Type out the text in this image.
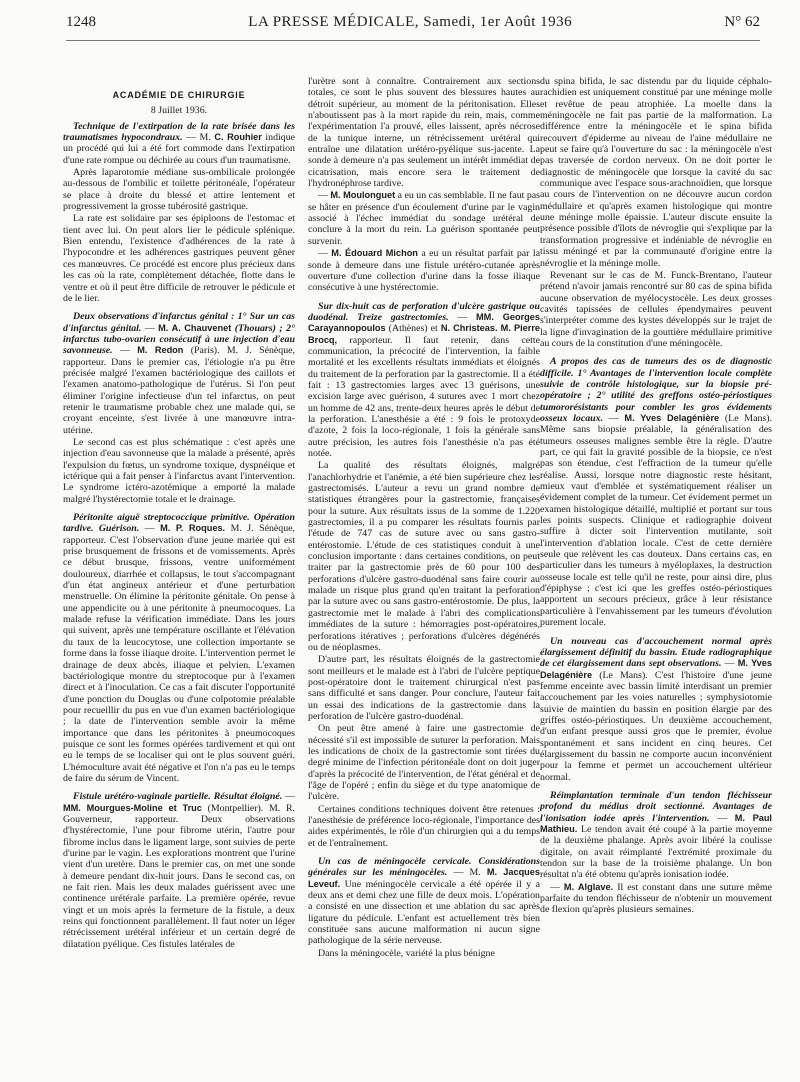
1248	LA PRESSE MÉDICALE, Samedi, 1er Août 1936	N° 62
ACADÉMIE DE CHIRURGIE
8 Juillet 1936.

Technique de l'extirpation de la rate brisée dans les traumatismes hypocondraux. — M. C. Rouhier indique un procédé qui lui a été fort commode dans l'extirpation d'une rate rompue ou déchirée au cours d'un traumatisme.

Après laparotomie médiane sus-ombilicale prolongée au-dessous de l'ombilic et toilette péritonéale, l'opérateur se place à droite du blessé et attire lentement et progressivement la grosse tubérosité gastrique.

La rate est solidaire par ses épiploons de l'estomac et tient avec lui. On peut alors lier le pédicule splénique. Bien entendu, l'existence d'adhérences de la rate à l'hypocondre et les adhérences gastriques peuvent gêner ces manœuvres. Ce procédé est encore plus précieux dans les cas où la rate, complètement détachée, flotte dans le ventre et où il peut être difficile de retrouver le pédicule et de le lier.

Deux observations d'infarctus génital : 1° Sur un cas d'infarctus génital. — M. A. Chauvenet (Thouars) ; 2° infarctus tubo-ovarien consécutif à une injection d'eau savonneuse. — M. Redon (Paris). M. J. Sénèque, rapporteur. Dans le premier cas, l'étiologie n'a pu être précisée malgré l'examen bactériologique des caillots et l'examen anatomo-pathologique de l'utérus. Si l'on peut éliminer l'origine infectieuse d'un tel infarctus, on peut retenir le traumatisme probable chez une malade qui, se croyant enceinte, s'est livrée à une manœuvre intra-utérine.

Le second cas est plus schématique : c'est après une injection d'eau savonneuse que la malade a présenté, après l'expulsion du fœtus, un syndrome toxique, dyspnéique et ictérique qui a fait penser à l'infarctus avant l'intervention. Le syndrome ictéro-azotémique a emporté la malade malgré l'hystérectomie totale et le drainage.

Péritonite aiguë streptococcique primitive. Opération tardive. Guérison. — M. P. Roques. M. J. Sénèque, rapporteur. C'est l'observation d'une jeune mariée qui est prise brusquement de frissons et de vomissements. Après ce début brusque, frissons, ventre uniformément douloureux, diarrhée et collapsus, le tout s'accompagnant d'un état angineux antérieur et d'une perturbation menstruelle. On élimine la péritonite génitale. On pense à une appendicite ou à une péritonite à pneumocoques. La malade refuse la vérification immédiate. Dans les jours qui suivent, après une température oscillante et l'élévation du taux de la leucocytose, une collection importante se forme dans la fosse iliaque droite. L'intervention permet le drainage de deux abcès, iliaque et pelvien. L'examen bactériologique montre du streptocoque pur à l'examen direct et à l'inoculation. Ce cas a fait discuter l'opportunité d'une ponction du Douglas ou d'une colpotomie préalable pour recueillir du pus en vue d'un examen bactériologique ; la date de l'intervention semble avoir la même importance que dans les péritonites à pneumocoques puisque ce sont les formes opérées tardivement et qui ont eu le temps de se localiser qui ont le plus souvent guéri. L'hémoculture avait été négative et l'on n'a pas eu le temps de faire du sérum de Vincent.

Fistule urétéro-vaginale partielle. Résultat éloigné. — MM. Mourgues-Moline et Truc (Montpellier). M. R. Gouverneur, rapporteur. Deux observations d'hystérectomie, l'une pour fibrome utérin, l'autre pour fibrome inclus dans le ligament large, sont suivies de perte d'urine par le vagin. Les explorations montrent que l'urine vient d'un uretère. Dans le premier cas, on met une sonde à demeure pendant dix-huit jours. Dans le second cas, on ne fait rien. Mais les deux malades guérissent avec une continence urétérale parfaite. La première opérée, revue vingt et un mois après la fermeture de la fistule, a deux reins qui fonctionnent parallèlement. Il faut noter un léger rétrécissement urétéral inférieur et un certain degré de dilatation pyélique. Ces fistules latérales de

l'urètre sont à connaître. Contrairement aux sections totales, ce sont le plus souvent des blessures hautes au détroit supérieur, au moment de la péritonisation. Elles n'aboutissent pas à la mort rapide du rein, mais, comme l'expérimentation l'a prouvé, elles laissent, après nécrose de la tunique interne, un rétrécissement urétéral qui entraîne une dilatation urétéro-pyélique sus-jacente. La sonde à demeure n'a pas seulement un intérêt immédiat de cicatrisation, mais encore sera le traitement de l'hydronéphrose tardive.

— M. Moulonguet a eu un cas semblable. Il ne faut pas se hâter en présence d'un écoulement d'urine par le vagin associé à l'échec immédiat du sondage urétéral de conclure à la mort du rein. La guérison spontanée peut survenir.

— M. Édouard Michon a eu un résultat parfait par la sonde à demeure dans une fistule urétéro-cutanée après ouverture d'une collection d'urine dans la fosse iliaque consécutive à une hystérectomie.

Sur dix-huit cas de perforation d'ulcère gastrique ou duodénal. Treize gastrectomies. — MM. Georges Carayannopoulos (Athènes) et N. Christeas. M. Pierre Brocq, rapporteur. Il faut retenir, dans cette communication, la précocité de l'intervention, la faible mortalité et les excellents résultats immédiats et éloignés du traitement de la perforation par la gastrectomie. Il a été fait : 13 gastrectomies larges avec 13 guérisons, une excision large avec guérison, 4 sutures avec 1 mort chez un homme de 42 ans, trente-deux heures après le début de la perforation. L'anesthésie a été : 9 fois le protoxyde d'azote, 2 fois la loco-régionale, 1 fois la générale sans autre précision, les autres fois l'anesthésie n'a pas été notée.

La qualité des résultats éloignés, malgré l'anachlorhydrie et l'anémie, a été bien supérieure chez les gastrectomisés. L'auteur a revu un grand nombre de statistiques étrangères pour la gastrectomie, françaises pour la suture. Aux résultats issus de la somme de 1.220 gastrectomies, il a pu comparer les résultats fournis par l'étude de 747 cas de suture avec ou sans gastro-entérostomie. L'étude de ces statistiques conduit à une conclusion importante : dans certaines conditions, on peut traiter par la gastrectomie près de 60 pour 100 des perforations d'ulcère gastro-duodénal sans faire courir au malade un risque plus grand qu'en traitant la perforation par la suture avec ou sans gastro-entérostomie. De plus, la gastrectomie met le malade à l'abri des complications immédiates de la suture : hémorragies post-opératoires, perforations itératives ; perforations d'ulcères dégénérés ou de néoplasmes.

D'autre part, les résultats éloignés de la gastrectomie sont meilleurs et le malade est à l'abri de l'ulcère peptique post-opératoire dont le traitement chirurgical n'est pas sans difficulté et sans danger. Pour conclure, l'auteur fait un essai des indications de la gastrectomie dans la perforation de l'ulcère gastro-duodénal.

On peut être amené à faire une gastrectomie de nécessité s'il est impossible de suturer la perforation. Mais les indications de choix de la gastrectomie sont tirées du degré minime de l'infection péritonéale dont on doit juger d'après la précocité de l'intervention, de l'état général et de l'âge de l'opéré ; enfin du siège et du type anatomique de l'ulcère.

Certaines conditions techniques doivent être retenues : l'anesthésie de préférence loco-régionale, l'importance des aides expérimentés, le rôle d'un chirurgien qui a du temps et de l'entraînement.

Un cas de méningocèle cervicale. Considérations générales sur les méningocèles. — M. M. Jacques Leveuf. Une méningocèle cervicale a été opérée il y a deux ans et demi chez une fille de deux mois. L'opération a consisté en une dissection et une ablation du sac après ligature du pédicule. L'enfant est actuellement très bien constituée sans aucune malformation ni aucun signe pathologique de la série nerveuse.

Dans la méningocèle, variété la plus bénigne

du spina bifida, le sac distendu par du liquide céphalo-rachidien est uniquement constitué par une méninge molle et revêtue de peau atrophiée. La moelle dans la méningocèle ne fait pas partie de la malformation. La différence entre la méningocèle et le spina bifida recouvert d'épiderme au niveau de l'aine médullaire ne peut se faire qu'à l'ouverture du sac : la méningocèle n'est pas traversée de cordon nerveux. On ne doit porter le diagnostic de méningocèle que lorsque la cavité du sac communique avec l'espace sous-arachnoïdien, que lorsque au cours de l'intervention on ne découvre aucun cordon médullaire et qu'après examen histologique qui montre une méninge molle épaissie. L'auteur discute ensuite la présence possible d'îlots de névroglie qui s'explique par la transformation progressive et indéniable de névroglie en tissu méningé et par la communauté d'origine entre la névroglie et la méninge molle.

Revenant sur le cas de M. Funck-Brentano, l'auteur prétend n'avoir jamais rencontré sur 80 cas de spina bifida aucune observation de myélocystocèle. Les deux grosses cavités tapissées de cellules épendymaires peuvent s'interpréter comme des kystes développés sur le trajet de la ligne d'invagination de la gouttière médullaire primitive au cours de la constitution d'une méningocèle.

A propos des cas de tumeurs des os de diagnostic difficile. 1° Avantages de l'intervention locale complète suivie de contrôle histologique, sur la biopsie pré-opératoire ; 2° utilité des greffons ostéo-périostiques tumororésistants pour combler les gros évidements osseux locaux. — M. Yves Delagénière (Le Mans). Même sans biopsie préalable, la généralisation des tumeurs osseuses malignes semble être la règle. D'autre part, ce qui fait la gravité possible de la biopsie, ce n'est pas son étendue, c'est l'effraction de la tumeur qu'elle réalise. Aussi, lorsque notre diagnostic reste hésitant, mieux vaut d'emblée et systématiquement réaliser un évidement complet de la tumeur. Cet évidement permet un examen histologique détaillé, multiplié et portant sur tous les points suspects. Clinique et radiographie doivent suffire à dicter soit l'intervention mutilante, soit l'intervention d'ablation locale. C'est de cette dernière seule que relèvent les cas douteux. Dans certains cas, en particulier dans les tumeurs à myéloplaxes, la destruction osseuse locale est telle qu'il ne reste, pour ainsi dire, plus d'épiphyse ; c'est ici que les greffes ostéo-périostiques apportent un secours précieux, grâce à leur résistance particulière à l'envahissement par les tumeurs d'évolution purement locale.

Un nouveau cas d'accouchement normal après élargissement définitif du bassin. Etude radiographique de cet élargissement dans sept observations. — M. Yves Delagénière (Le Mans). C'est l'histoire d'une jeune femme enceinte avec bassin limité interdisant un premier accouchement par les voies naturelles ; symphysiotomie suivie de maintien du bassin en position élargie par des griffes ostéo-périostiques. Un deuxième accouchement, d'un enfant presque aussi gros que le premier, évolue spontanément et sans incident en cinq heures. Cet élargissement du bassin ne comporte aucun inconvénient pour la femme et permet un accouchement ultérieur normal.

Réimplantation terminale d'un tendon fléchisseur profond du médius droit sectionné. Avantages de l'ionisation iodée après l'intervention. — M. Paul Mathieu. Le tendon avait été coupé à la partie moyenne de la deuxième phalange. Après avoir libéré la coulisse digitale, on avait réimplanté l'extrémité proximale du tendon sur la base de la troisième phalange. Un bon résultat n'a été obtenu qu'après ionisation iodée.

— M. Alglave. Il est constant dans une suture même parfaite du tendon fléchisseur de n'obtenir un mouvement de flexion qu'après plusieurs semaines.
